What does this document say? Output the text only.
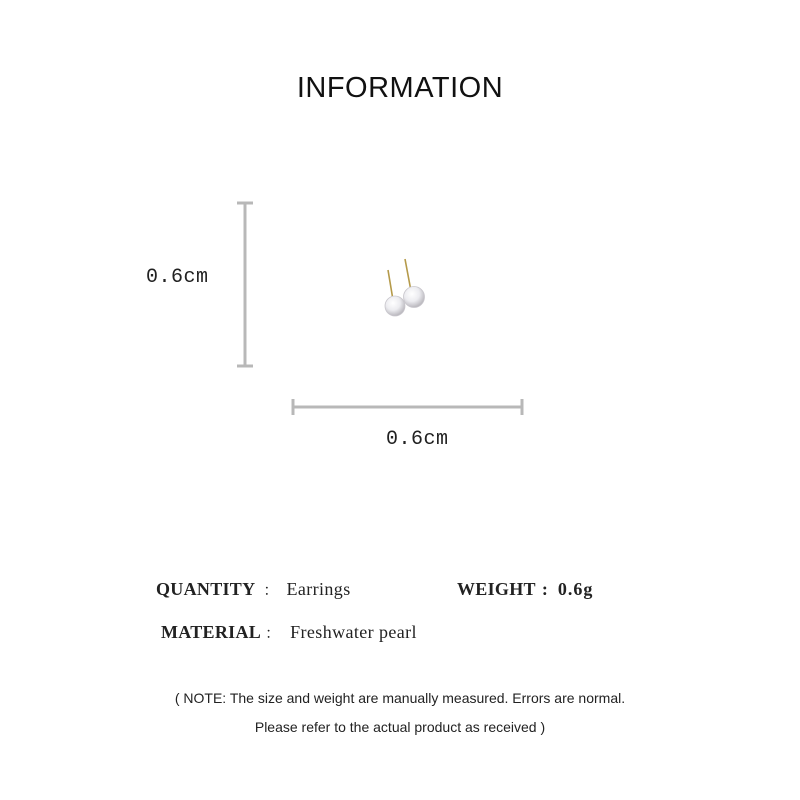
INFORMATION
0.6cm
0.6cm
QUANTITY ： Earrings	WEIGHT : 0.6g
MATERIAL ： Freshwater pearl
( NOTE: The size and weight are manually measured. Errors are normal.
Please refer to the actual product as received )
